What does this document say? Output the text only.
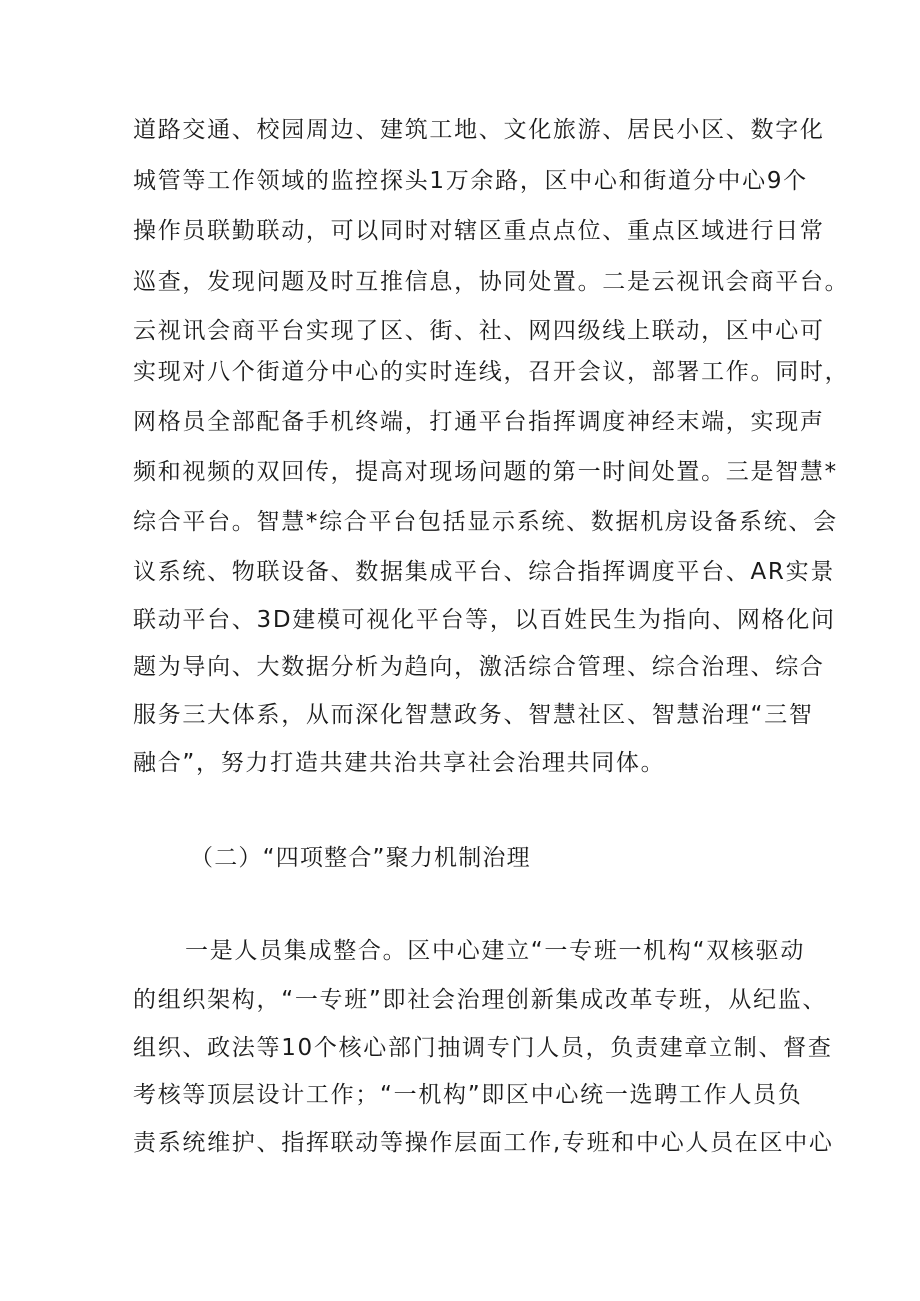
道路交通、校园周边、建筑工地、文化旅游、居民小区、数字化
城管等工作领域的监控探头1万余路，区中心和街道分中心9个
操作员联勤联动，可以同时对辖区重点点位、重点区域进行日常
巡查，发现问题及时互推信息，协同处置。二是云视讯会商平台。
云视讯会商平台实现了区、街、社、网四级线上联动，区中心可
实现对八个街道分中心的实时连线，召开会议，部署工作。同时，
网格员全部配备手机终端，打通平台指挥调度神经末端，实现声
频和视频的双回传，提高对现场问题的第一时间处置。三是智慧*
综合平台。智慧*综合平台包括显示系统、数据机房设备系统、会
议系统、物联设备、数据集成平台、综合指挥调度平台、AR实景
联动平台、3D建模可视化平台等，以百姓民生为指向、网格化问
题为导向、大数据分析为趋向，激活综合管理、综合治理、综合
服务三大体系，从而深化智慧政务、智慧社区、智慧治理“三智
融合”，努力打造共建共治共享社会治理共同体。
（二）“四项整合”聚力机制治理
一是人员集成整合。区中心建立“一专班一机构“双核驱动
的组织架构，“一专班”即社会治理创新集成改革专班，从纪监、
组织、政法等10个核心部门抽调专门人员，负责建章立制、督查
考核等顶层设计工作；“一机构”即区中心统一选聘工作人员负
责系统维护、指挥联动等操作层面工作,专班和中心人员在区中心
